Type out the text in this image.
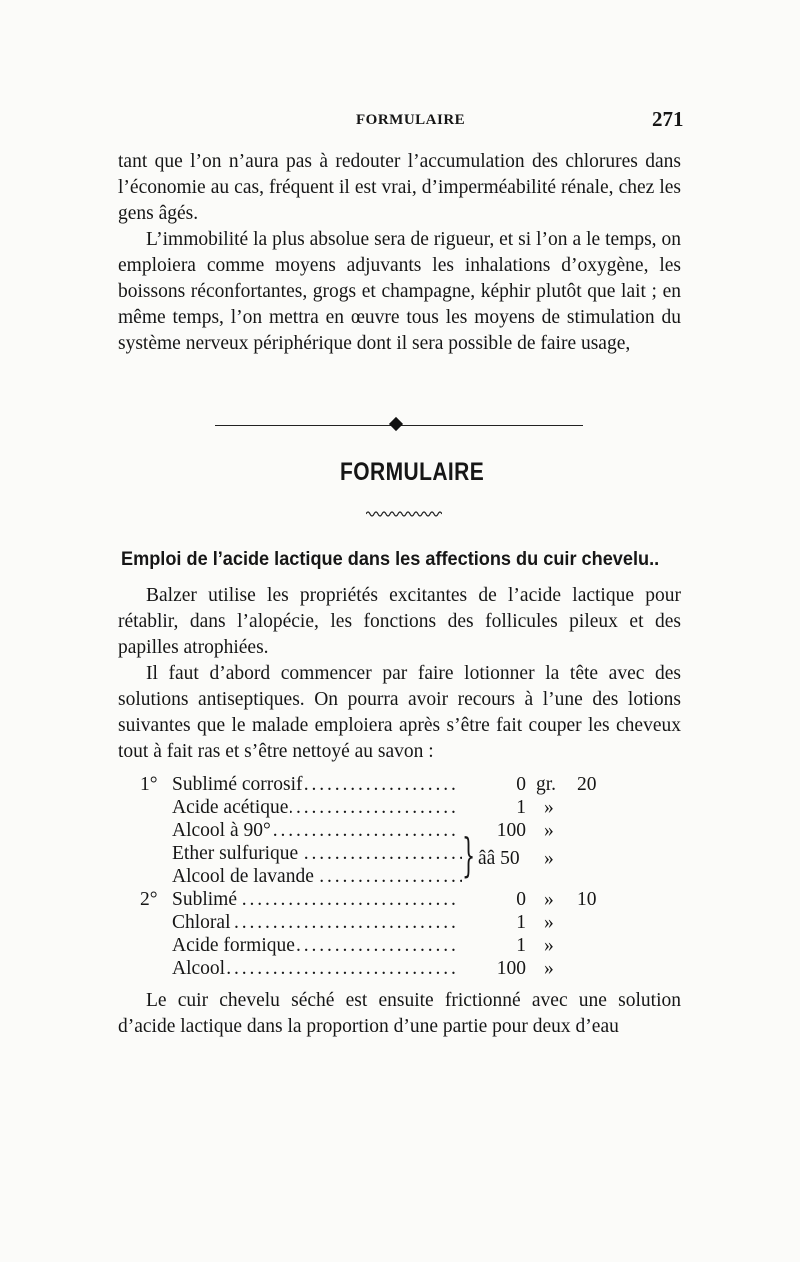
FORMULAIRE	271

tant que l’on n’aura pas à redouter l’accumulation des chlorures dans l’économie au cas, fréquent il est vrai, d’imperméabilité rénale, chez les gens âgés.

L’immobilité la plus absolue sera de rigueur, et si l’on a le temps, on emploiera comme moyens adjuvants les inhalations d’oxygène, les boissons réconfortantes, grogs et champagne, képhir plutôt que lait ; en même temps, l’on mettra en œuvre tous les moyens de stimulation du système nerveux périphérique dont il sera possible de faire usage,

FORMULAIRE
Emploi de l’acide lactique dans les affections du cuir chevelu..

Balzer utilise les propriétés excitantes de l’acide lactique pour rétablir, dans l’alopécie, les fonctions des follicules pileux et des papilles atrophiées.

Il faut d’abord commencer par faire lotionner la tête avec des solutions antiseptiques. On pourra avoir recours à l’une des lotions suivantes que le malade emploiera après s’être fait couper les cheveux tout à fait ras et s’être nettoyé au savon :

1° Sublimé corrosif . . .	0 gr. 20
Acide acétique . . .	1 »
Alcool à 90° . . .	100 »
Ether sulfurique . . .
Alcool de lavande . . .	} ââ 50 »
2° Sublimé . . .	0 » 10
Chloral . . .	1 »
Acide formique . . .	1 »
Alcool . . .	100 »

Le cuir chevelu séché est ensuite frictionné avec une solution d’acide lactique dans la proportion d’une partie pour deux d’eau
